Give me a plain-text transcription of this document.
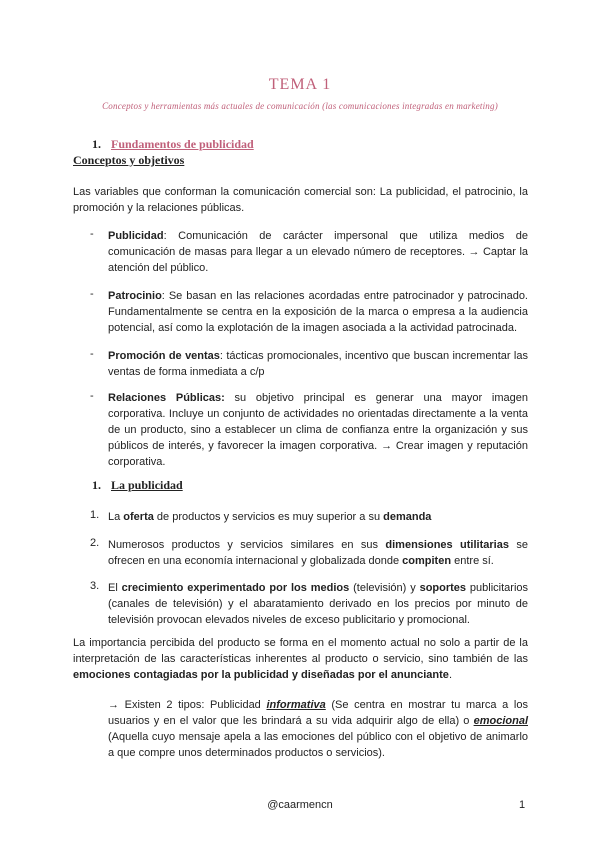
TEMA 1
Conceptos y herramientas más actuales de comunicación (las comunicaciones integradas en marketing)
1. Fundamentos de publicidad
Conceptos y objetivos
Las variables que conforman la comunicación comercial son: La publicidad, el patrocinio, la promoción y la relaciones públicas.
- Publicidad: Comunicación de carácter impersonal que utiliza medios de comunicación de masas para llegar a un elevado número de receptores. → Captar la atención del público.
- Patrocinio: Se basan en las relaciones acordadas entre patrocinador y patrocinado. Fundamentalmente se centra en la exposición de la marca o empresa a la audiencia potencial, así como la explotación de la imagen asociada a la actividad patrocinada.
- Promoción de ventas: tácticas promocionales, incentivo que buscan incrementar las ventas de forma inmediata a c/p
- Relaciones Públicas: su objetivo principal es generar una mayor imagen corporativa. Incluye un conjunto de actividades no orientadas directamente a la venta de un producto, sino a establecer un clima de confianza entre la organización y sus públicos de interés, y favorecer la imagen corporativa. → Crear imagen y reputación corporativa.
1. La publicidad
1. La oferta de productos y servicios es muy superior a su demanda
2. Numerosos productos y servicios similares en sus dimensiones utilitarias se ofrecen en una economía internacional y globalizada donde compiten entre sí.
3. El crecimiento experimentado por los medios (televisión) y soportes publicitarios (canales de televisión) y el abaratamiento derivado en los precios por minuto de televisión provocan elevados niveles de exceso publicitario y promocional.
La importancia percibida del producto se forma en el momento actual no solo a partir de la interpretación de las características inherentes al producto o servicio, sino también de las emociones contagiadas por la publicidad y diseñadas por el anunciante.
→ Existen 2 tipos: Publicidad informativa (Se centra en mostrar tu marca a los usuarios y en el valor que les brindará a su vida adquirir algo de ella) o emocional (Aquella cuyo mensaje apela a las emociones del público con el objetivo de animarlo a que compre unos determinados productos o servicios).
@caarmencn	1
